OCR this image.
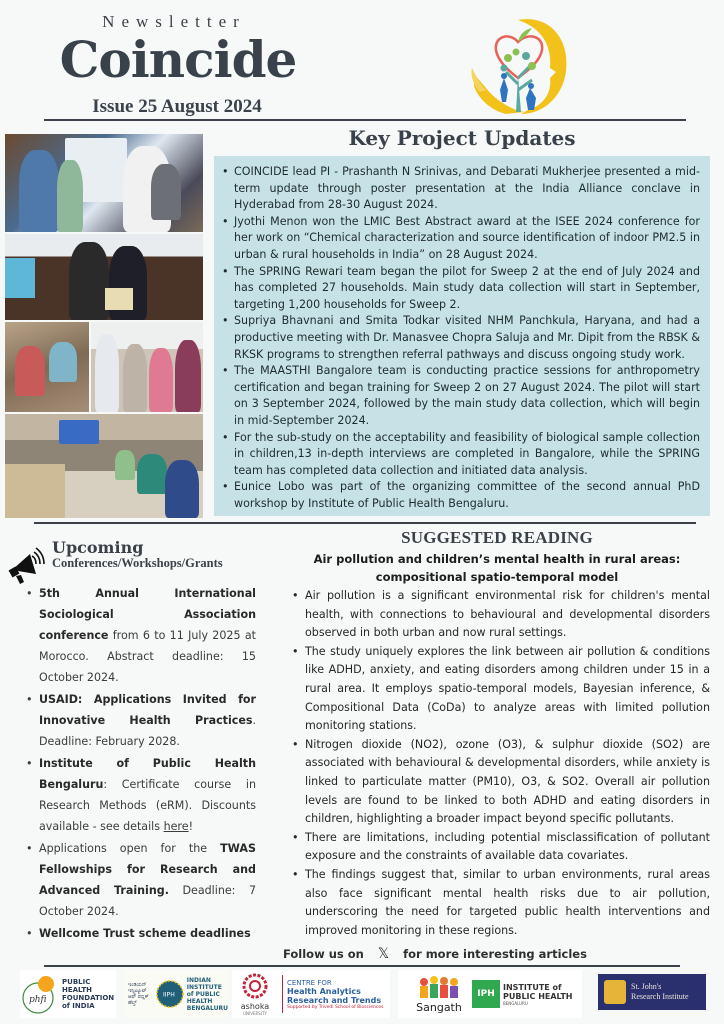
Newsletter
Coincide
Issue 25 August 2024
Key Project Updates
• COINCIDE lead PI - Prashanth N Srinivas, and Debarati Mukherjee presented a mid-term update through poster presentation at the India Alliance conclave in Hyderabad from 28-30 August 2024.
• Jyothi Menon won the LMIC Best Abstract award at the ISEE 2024 conference for her work on “Chemical characterization and source identification of indoor PM2.5 in urban & rural households in India” on 28 August 2024.
• The SPRING Rewari team began the pilot for Sweep 2 at the end of July 2024 and has completed 27 households. Main study data collection will start in September, targeting 1,200 households for Sweep 2.
• Supriya Bhavnani and Smita Todkar visited NHM Panchkula, Haryana, and had a productive meeting with Dr. Manasvee Chopra Saluja and Mr. Dipit from the RBSK & RKSK programs to strengthen referral pathways and discuss ongoing study work.
• The MAASTHI Bangalore team is conducting practice sessions for anthropometry certification and began training for Sweep 2 on 27 August 2024. The pilot will start on 3 September 2024, followed by the main study data collection, which will begin in mid-September 2024.
• For the sub-study on the acceptability and feasibility of biological sample collection in children,13 in-depth interviews are completed in Bangalore, while the SPRING team has completed data collection and initiated data analysis.
• Eunice Lobo was part of the organizing committee of the second annual PhD workshop by Institute of Public Health Bengaluru.
Upcoming
Conferences/Workshops/Grants
• 5th Annual International Sociological Association conference from 6 to 11 July 2025 at Morocco. Abstract deadline: 15 October 2024.
• USAID: Applications Invited for Innovative Health Practices. Deadline: February 2028.
• Institute of Public Health Bengaluru: Certificate course in Research Methods (eRM). Discounts available - see details here!
• Applications open for the TWAS Fellowships for Research and Advanced Training. Deadline: 7 October 2024.
• Wellcome Trust scheme deadlines
SUGGESTED READING
Air pollution and children’s mental health in rural areas:
compositional spatio-temporal model
• Air pollution is a significant environmental risk for children's mental health, with connections to behavioural and developmental disorders observed in both urban and now rural settings.
• The study uniquely explores the link between air pollution & conditions like ADHD, anxiety, and eating disorders among children under 15 in a rural area. It employs spatio-temporal models, Bayesian inference, & Compositional Data (CoDa) to analyze areas with limited pollution monitoring stations.
• Nitrogen dioxide (NO2), ozone (O3), & sulphur dioxide (SO2) are associated with behavioural & developmental disorders, while anxiety is linked to particulate matter (PM10), O3, & SO2. Overall air pollution levels are found to be linked to both ADHD and eating disorders in children, highlighting a broader impact beyond specific pollutants.
• There are limitations, including potential misclassification of pollutant exposure and the constraints of available data covariates.
• The findings suggest that, similar to urban environments, rural areas also face significant mental health risks due to air pollution, underscoring the need for targeted public health interventions and improved monitoring in these regions.
Follow us on 𝕏 for more interesting articles
phfi
PUBLIC
HEALTH
FOUNDATION
of INDIA
ಇಂಡಿಯನ್ ಇನ್ಸ್ಟಿಟ್ಯೂಟ್ ಆಫ್ ಪಬ್ಲಿಕ್ ಹೆಲ್ತ್
IIPH
INDIAN
INSTITUTE
of PUBLIC
HEALTH
BENGALURU	ashoka
UNIVERSITY
CENTRE FOR
Health Analytics
Research and Trends
Supported by Trivedi School of Biosciences	Sangath
IPH
INSTITUTE of
PUBLIC HEALTH
BENGALURU
St. John's
Research Institute
